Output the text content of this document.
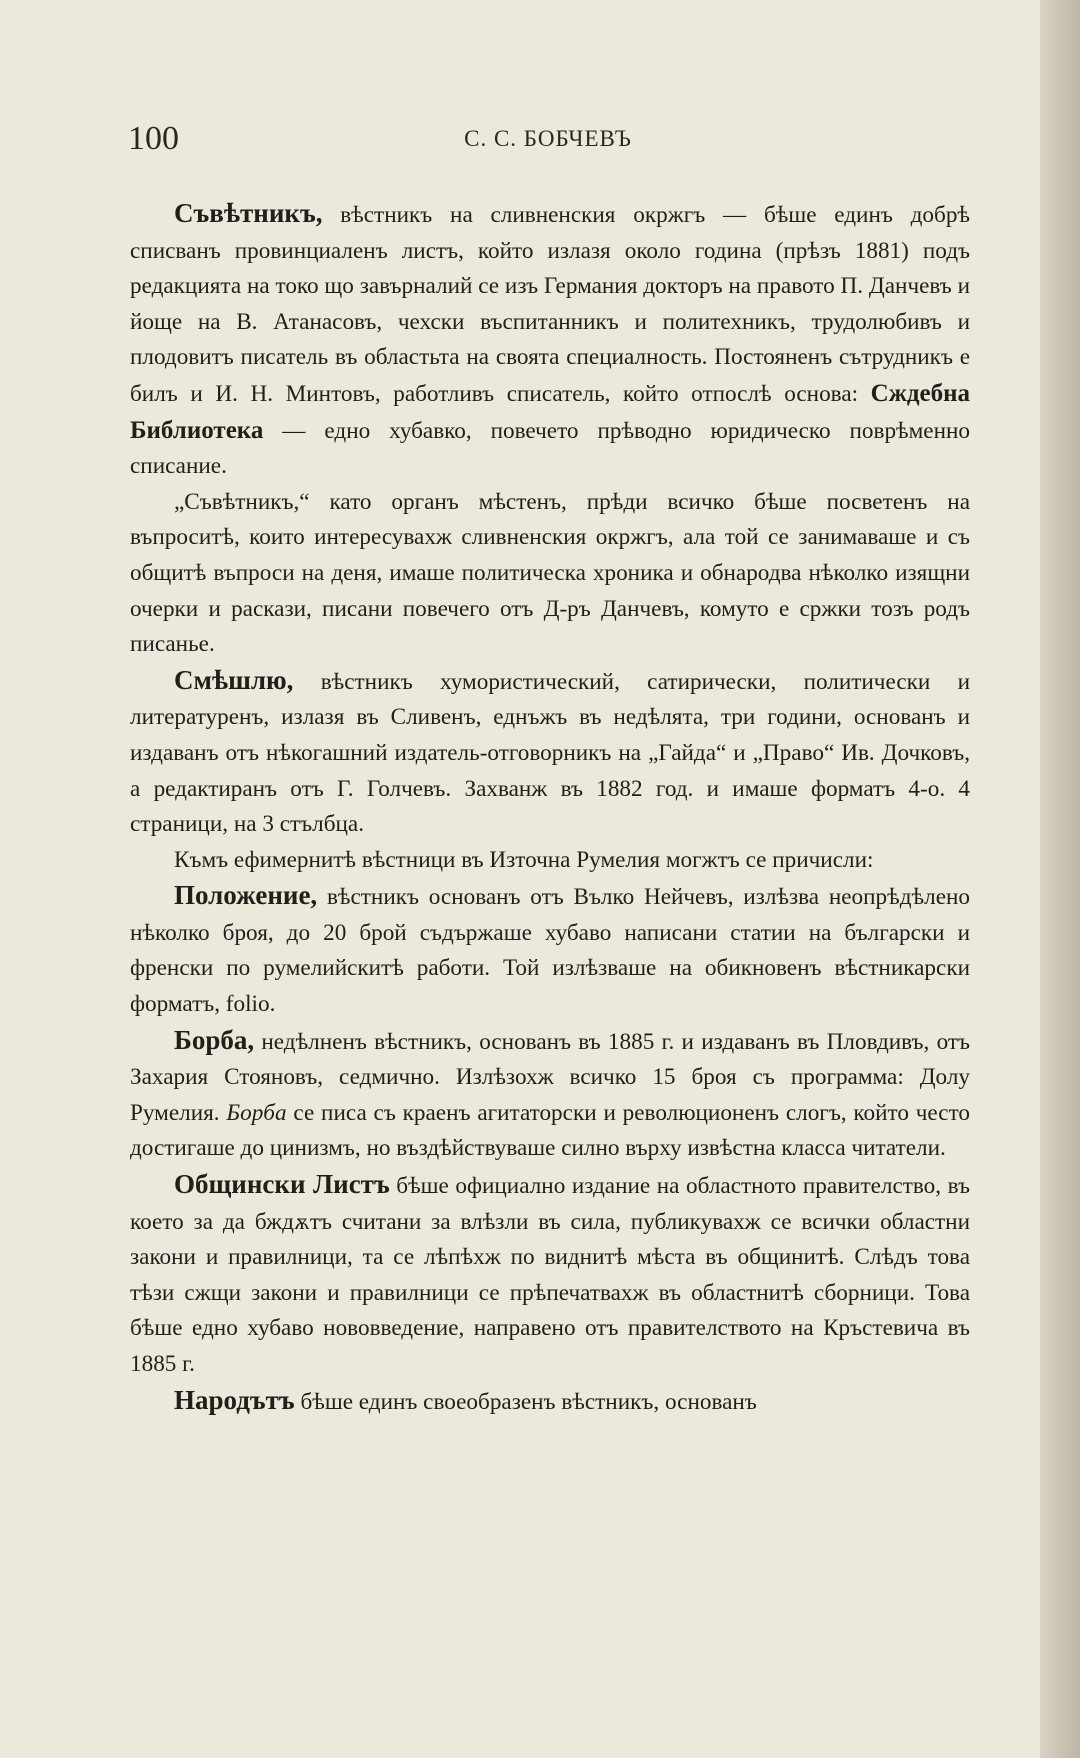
100	С. С. БОБЧЕВЪ

Съвѣтникъ, вѣстникъ на сливненския окржгъ — бѣше единъ добрѣ списванъ провинциаленъ листъ, който излазя около година (прѣзъ 1881) подъ редакцията на токо що завърналий се изъ Германия докторъ на правото П. Данчевъ и йоще на В. Атанасовъ, чехски въспитанникъ и политехникъ, трудолюбивъ и плодовитъ писатель въ областьта на своята специалность. Постояненъ сътрудникъ е билъ и И. Н. Минтовъ, работливъ списатель, който отпослѣ основа: Сждебна Библиотека — едно хубавко, повечето прѣводно юридическо поврѣменно списание.

„Съвѣтникъ,“ като органъ мѣстенъ, прѣди всичко бѣше посветенъ на въпроситѣ, които интересувахж сливненския окржгъ, ала той се занимаваше и съ общитѣ въпроси на деня, имаше политическа хроника и обнародва нѣколко изящни очерки и раскази, писани повечего отъ Д-ръ Данчевъ, комуто е сржки тозъ родъ писанье.

Смѣшлю, вѣстникъ хумористический, сатирически, политически и литературенъ, излазя въ Сливенъ, еднъжъ въ недѣлята, три години, основанъ и издаванъ отъ нѣкогашний издатель-отговорникъ на „Гайда“ и „Право“ Ив. Дочковъ, а редактиранъ отъ Г. Голчевъ. Захванж въ 1882 год. и имаше форматъ 4-о. 4 страници, на 3 стълбца.

Къмъ ефимернитѣ вѣстници въ Източна Румелия могжтъ се причисли:

Положение, вѣстникъ основанъ отъ Вълко Нейчевъ, излѣзва неопрѣдѣлено нѣколко броя, до 20 брой съдържаше хубаво написани статии на български и френски по румелийскитѣ работи. Той излѣзваше на обикновенъ вѣстникарски форматъ, folio.

Борба, недѣлненъ вѣстникъ, основанъ въ 1885 г. и издаванъ въ Пловдивъ, отъ Захария Стояновъ, седмично. Излѣзохж всичко 15 броя съ программа: Долу Румелия. Борба се писа съ краенъ агитаторски и революционенъ слогъ, който често достигаше до цинизмъ, но въздѣйствуваше силно върху извѣстна класса читатели.

Общински Листъ бѣше официално издание на областното правителство, въ което за да бждѫтъ считани за влѣзли въ сила, публикувахж се всички областни закони и правилници, та се лѣпѣхж по виднитѣ мѣста въ общинитѣ. Слѣдъ това тѣзи сжщи закони и правилници се прѣпечатвахж въ областнитѣ сборници. Това бѣше едно хубаво нововведение, направено отъ правителството на Кръстевича въ 1885 г.

Народътъ бѣше единъ своеобразенъ вѣстникъ, основанъ
